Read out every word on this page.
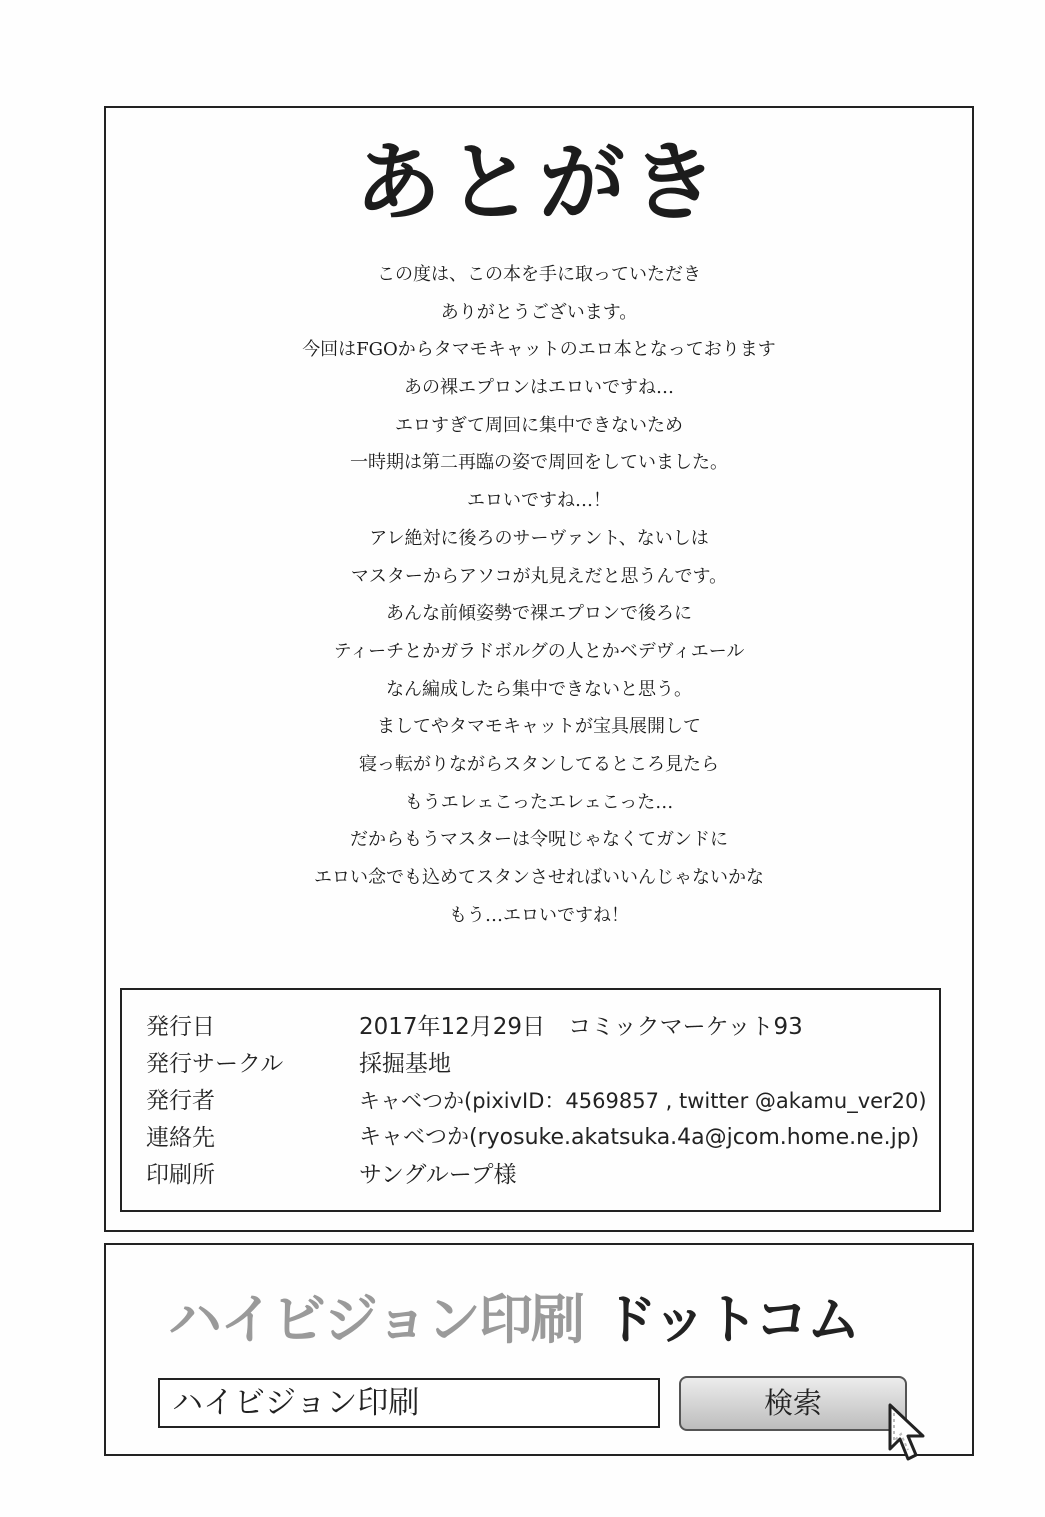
あとがき
この度は、この本を手に取っていただき
ありがとうございます。
今回はFGOからタマモキャットのエロ本となっております
あの裸エプロンはエロいですね…
エロすぎて周回に集中できないため
一時期は第二再臨の姿で周回をしていました。
エロいですね…！
アレ絶対に後ろのサーヴァント、ないしは
マスターからアソコが丸見えだと思うんです。
あんな前傾姿勢で裸エプロンで後ろに
ティーチとかガラドボルグの人とかベデヴィエール
なん編成したら集中できないと思う。
ましてやタマモキャットが宝具展開して
寝っ転がりながらスタンしてるところ見たら
もうエレェこったエレェこった…
だからもうマスターは令呪じゃなくてガンドに
エロい念でも込めてスタンさせればいいんじゃないかな
もう…エロいですね！
発行日	2017年12月29日　コミックマーケット93
発行サークル	採掘基地
発行者	キャベつか(pixivID：4569857 , twitter @akamu_ver20)
連絡先	キャベつか(ryosuke.akatsuka.4a@jcom.home.ne.jp)
印刷所	サングループ様
ハイビジョン印刷 ドットコム
ハイビジョン印刷	検索
